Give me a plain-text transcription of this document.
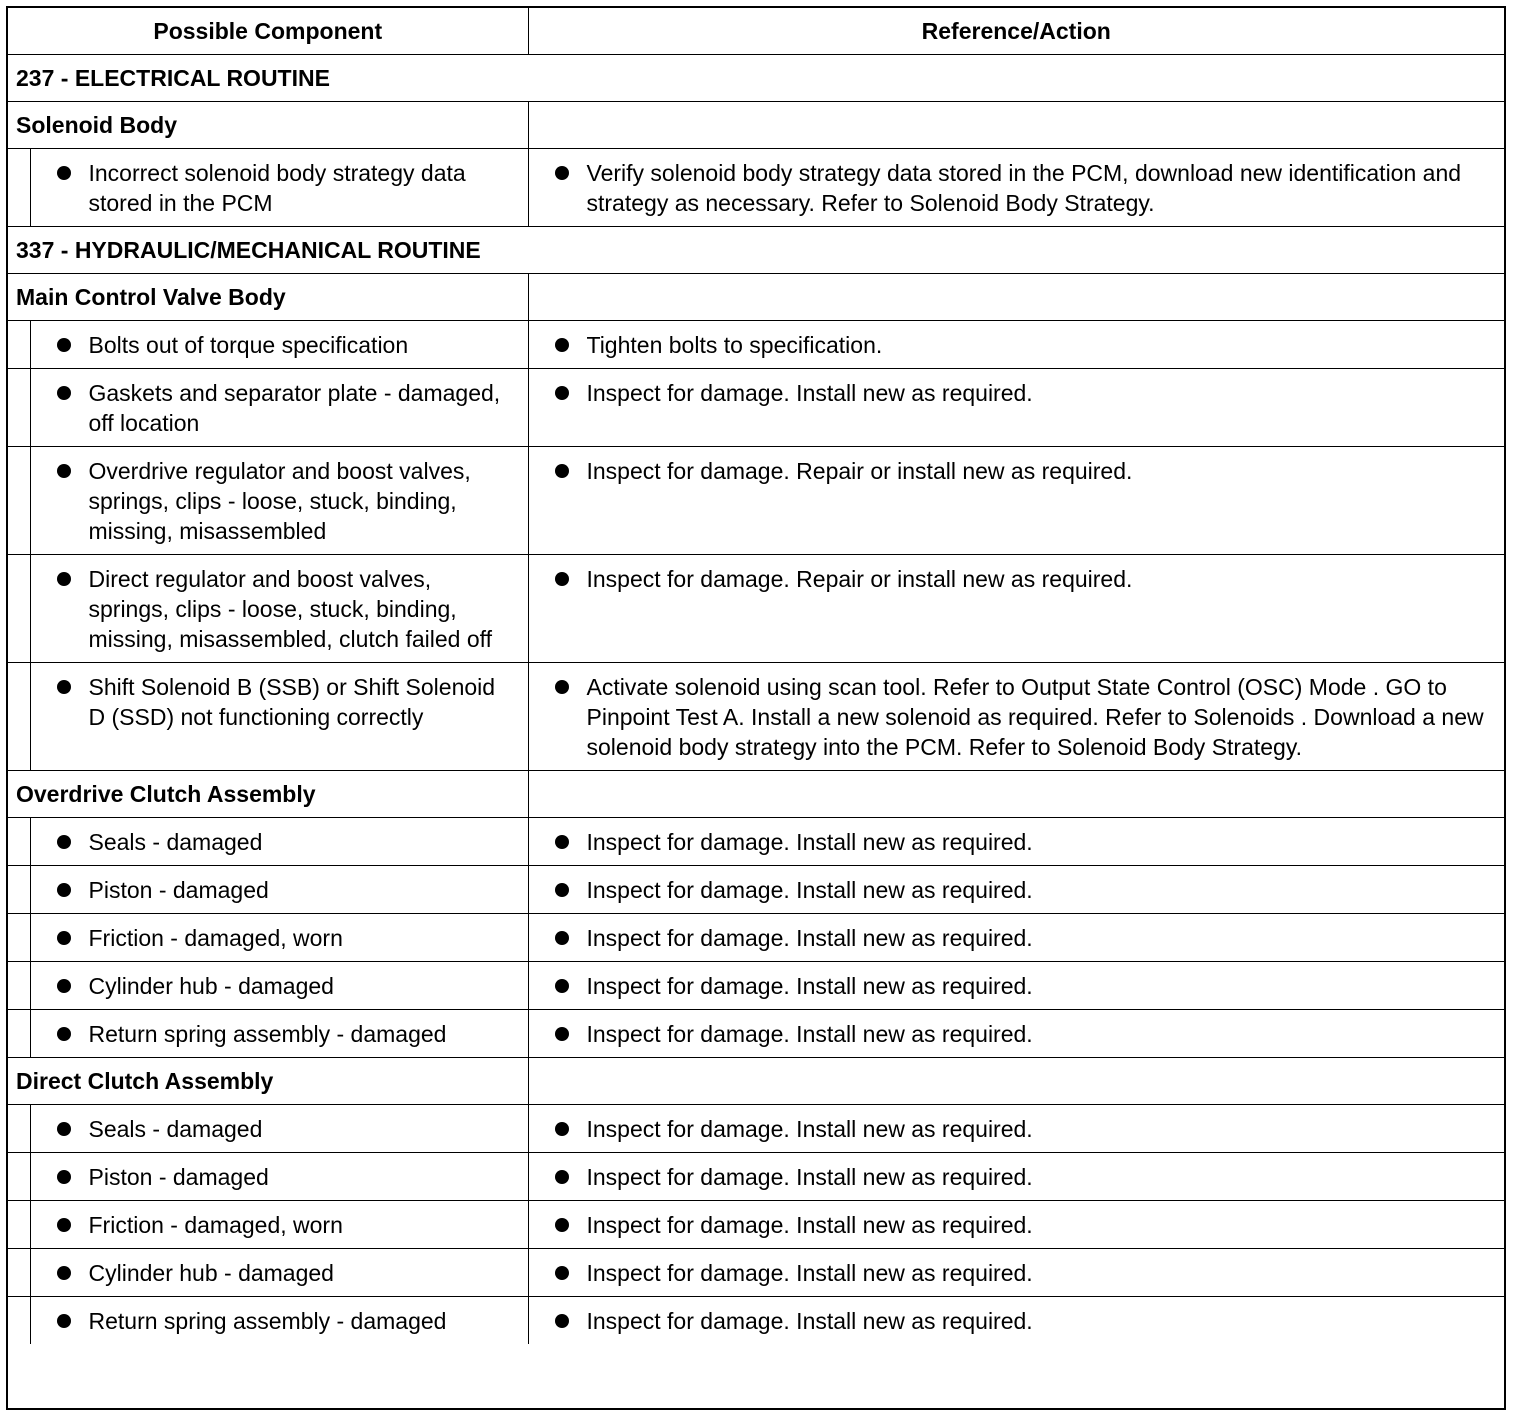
Possible Component		Reference/Action
237 - ELECTRICAL ROUTINE		
Solenoid Body		

	Incorrect solenoid body strategy data stored in the PCM	Verify solenoid body strategy data stored in the PCM, download new identification and strategy as necessary. Refer to Solenoid Body Strategy.

337 - HYDRAULIC/MECHANICAL ROUTINE		
Main Control Valve Body		

	Bolts out of torque specification	Tighten bolts to specification.

	Gaskets and separator plate - damaged, off location	Inspect for damage. Install new as required.

	Overdrive regulator and boost valves, springs, clips - loose, stuck, binding, missing, misassembled	Inspect for damage. Repair or install new as required.

	Direct regulator and boost valves, springs, clips - loose, stuck, binding, missing, misassembled, clutch failed off	Inspect for damage. Repair or install new as required.

	Shift Solenoid B (SSB) or Shift Solenoid D (SSD) not functioning correctly	Activate solenoid using scan tool. Refer to Output State Control (OSC) Mode . GO to Pinpoint Test A. Install a new solenoid as required. Refer to Solenoids . Download a new solenoid body strategy into the PCM. Refer to Solenoid Body Strategy.

Overdrive Clutch Assembly		

	Seals - damaged	Inspect for damage. Install new as required.

	Piston - damaged	Inspect for damage. Install new as required.

	Friction - damaged, worn	Inspect for damage. Install new as required.

	Cylinder hub - damaged	Inspect for damage. Install new as required.

	Return spring assembly - damaged	Inspect for damage. Install new as required.

Direct Clutch Assembly		

	Seals - damaged	Inspect for damage. Install new as required.

	Piston - damaged	Inspect for damage. Install new as required.

	Friction - damaged, worn	Inspect for damage. Install new as required.

	Cylinder hub - damaged	Inspect for damage. Install new as required.

	Return spring assembly - damaged	Inspect for damage. Install new as required.
